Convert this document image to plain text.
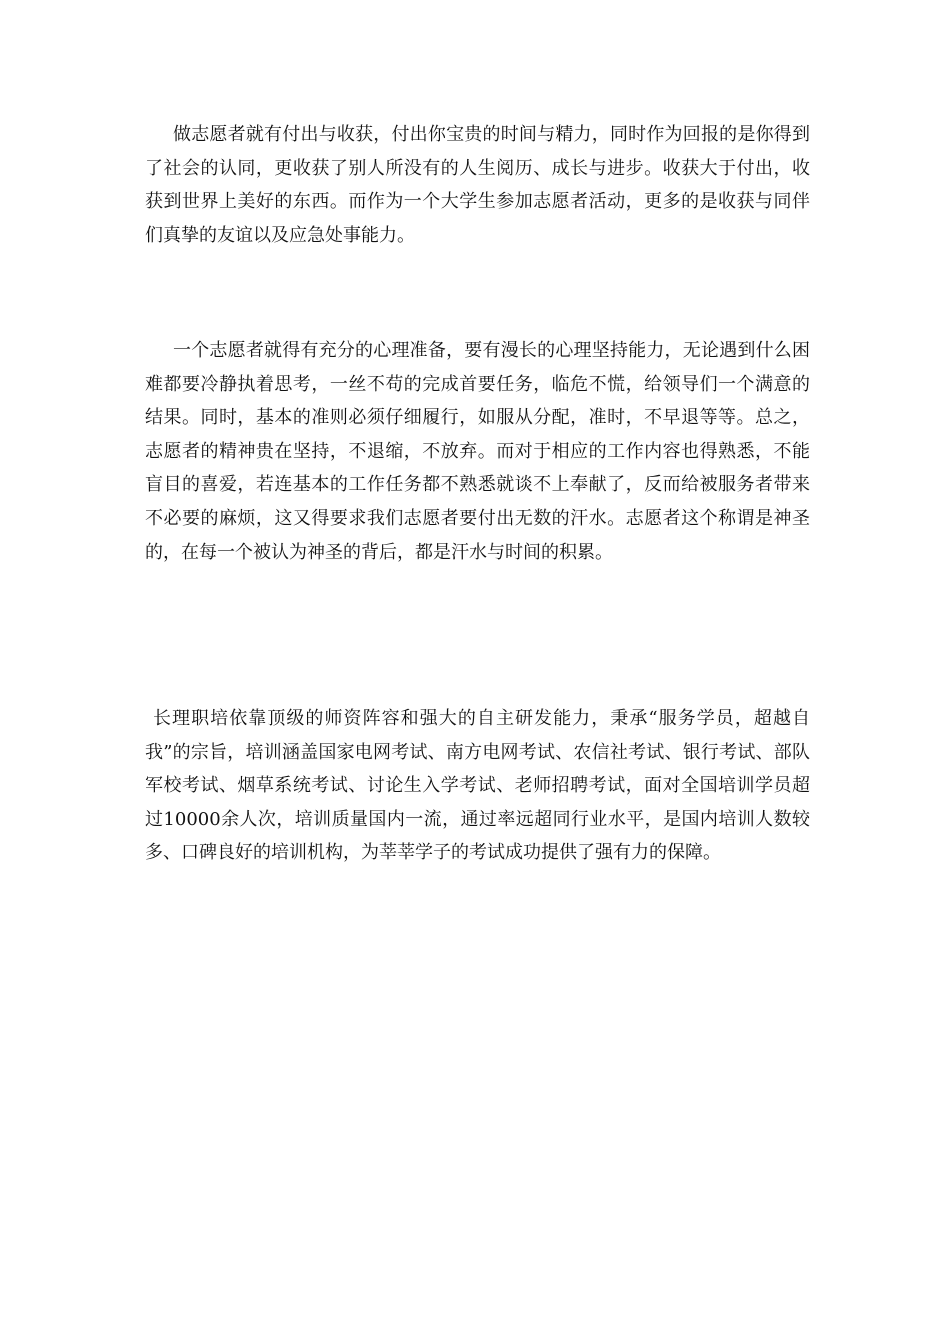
做志愿者就有付出与收获，付出你宝贵的时间与精力，同时作为回报的是你得到了社会的认同，更收获了别人所没有的人生阅历、成长与进步。收获大于付出，收获到世界上美好的东西。而作为一个大学生参加志愿者活动，更多的是收获与同伴们真挚的友谊以及应急处事能力。

一个志愿者就得有充分的心理准备，要有漫长的心理坚持能力，无论遇到什么困难都要冷静执着思考，一丝不苟的完成首要任务，临危不慌，给领导们一个满意的结果。同时，基本的准则必须仔细履行，如服从分配，准时，不早退等等。总之，志愿者的精神贵在坚持，不退缩，不放弃。而对于相应的工作内容也得熟悉，不能盲目的喜爱，若连基本的工作任务都不熟悉就谈不上奉献了，反而给被服务者带来不必要的麻烦，这又得要求我们志愿者要付出无数的汗水。志愿者这个称谓是神圣的，在每一个被认为神圣的背后，都是汗水与时间的积累。

长理职培依靠顶级的师资阵容和强大的自主研发能力，秉承“服务学员，超越自我”的宗旨，培训涵盖国家电网考试、南方电网考试、农信社考试、银行考试、部队军校考试、烟草系统考试、讨论生入学考试、老师招聘考试，面对全国培训学员超过10000余人次，培训质量国内一流，通过率远超同行业水平，是国内培训人数较多、口碑良好的培训机构，为莘莘学子的考试成功提供了强有力的保障。
